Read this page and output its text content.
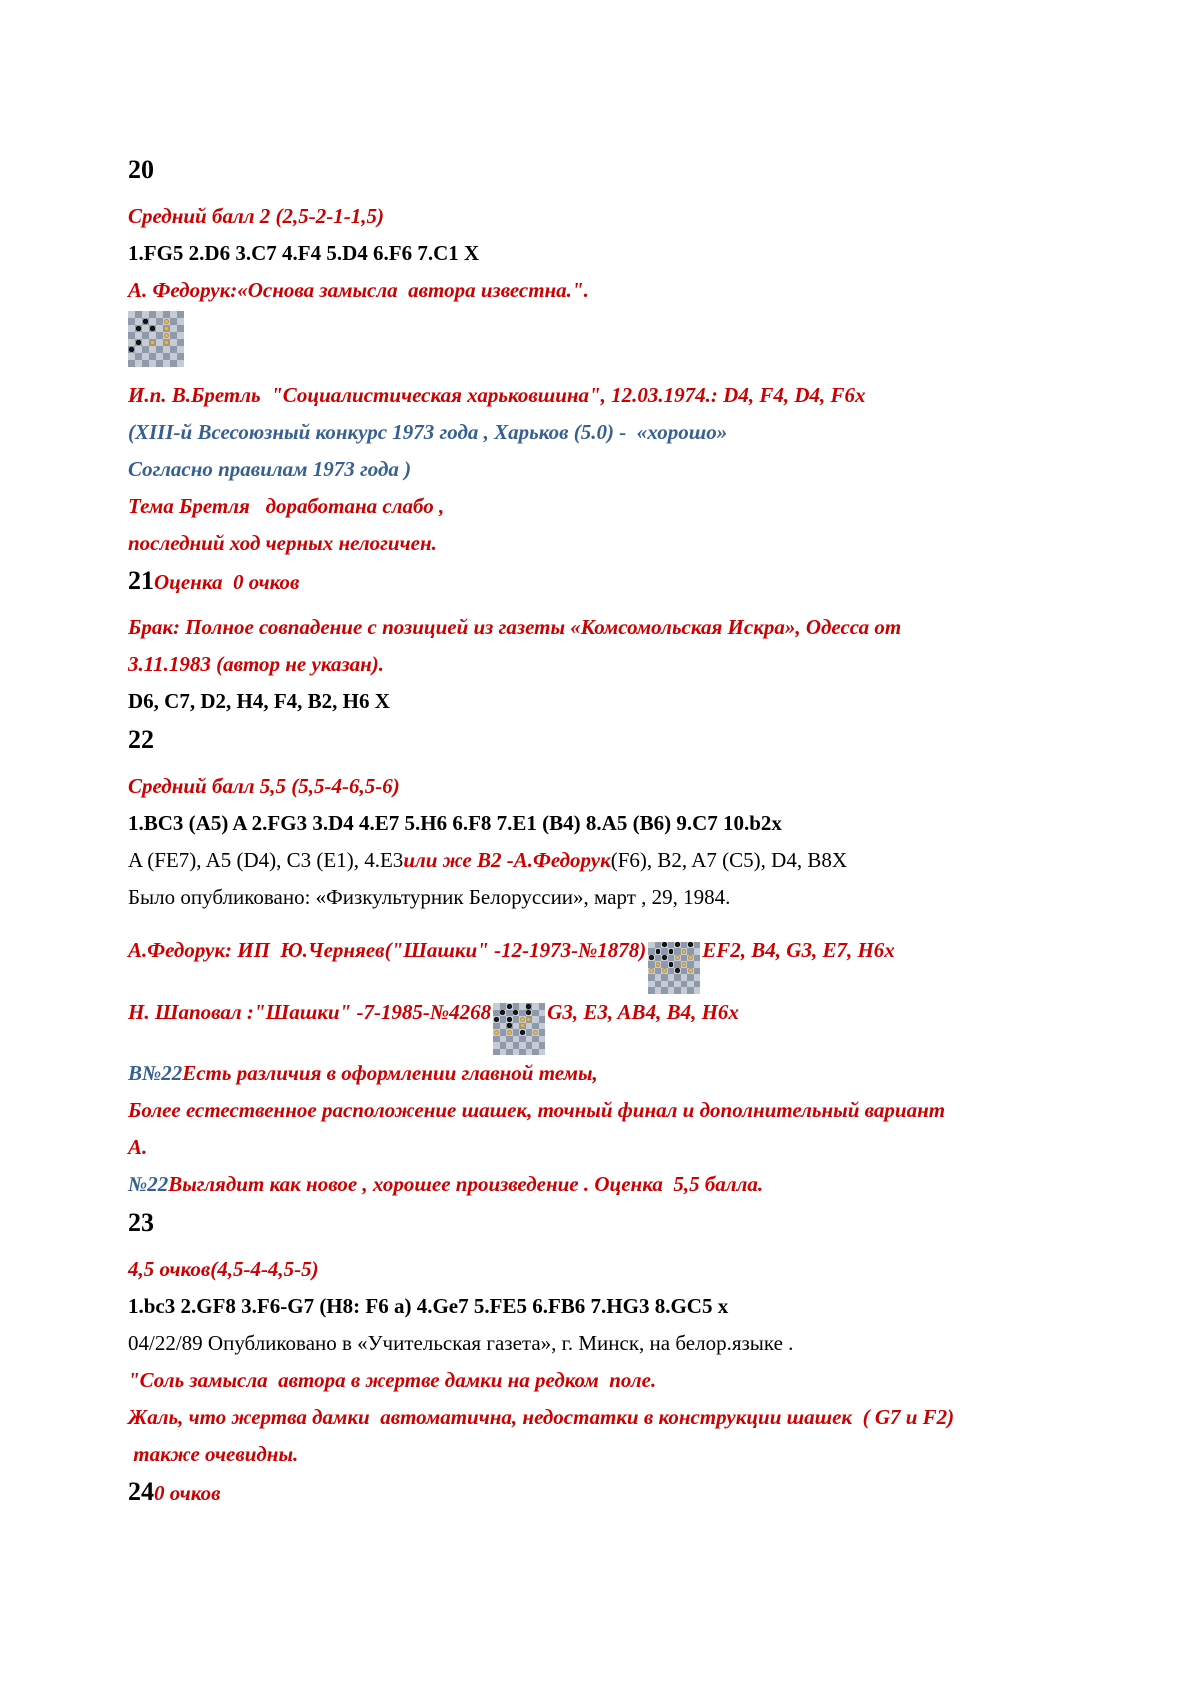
20
Средний балл 2 (2,5-2-1-1,5)
1.FG5 2.D6 3.C7 4.F4 5.D4 6.F6 7.C1 X
А. Федорук:«Основа замысла  автора известна.".
И.п. В.Бретль  "Социалистическая харьковшина", 12.03.1974.: D4, F4, D4, F6x
(XIII-й Всесоюзный конкурс 1973 года , Харьков (5.0) -  «хорошо»
Согласно правилам 1973 года )
Тема Бретля   доработана слабо ,
последний ход черных нелогичен.
21Оценка  0 очков
Брак: Полное совпадение с позицией из газеты «Комсомольская Искра», Одесса от
3.11.1983 (автор не указан).
D6, C7, D2, H4, F4, B2, H6 X
22
Средний балл 5,5 (5,5-4-6,5-6)
1.BC3 (A5) A 2.FG3 3.D4 4.E7 5.H6 6.F8 7.E1 (B4) 8.A5 (B6) 9.C7 10.b2x
A (FE7), A5 (D4), C3 (E1), 4.E3или же B2 -А.Федорук(F6), B2, A7 (C5), D4, B8X
Было опубликовано: «Физкультурник Белоруссии», март , 29, 1984.
А.Федорук: ИП  Ю.Черняев("Шашки" -12-1973-№1878)	EF2, B4, G3, E7, H6x
Н. Шаповал :"Шашки" -7-1985-№4268	G3, E3, AB4, B4, H6x
В№22Есть различия в оформлении главной темы,
Более естественное расположение шашек, точный финал и дополнительный вариант
А.
№22Выглядит как новое , хорошее произведение . Оценка  5,5 балла.
23
4,5 очков(4,5-4-4,5-5)
1.bc3 2.GF8 3.F6-G7 (H8: F6 a) 4.Ge7 5.FE5 6.FB6 7.HG3 8.GC5 x
04/22/89 Опубликовано в «Учительская газета», г. Минск, на белор.языке .
"Соль замысла  автора в жертве дамки на редком  поле.
Жаль, что жертва дамки  автоматична, недостатки в конструкции шашек  ( G7 и F2)
также очевидны.
240 очков
